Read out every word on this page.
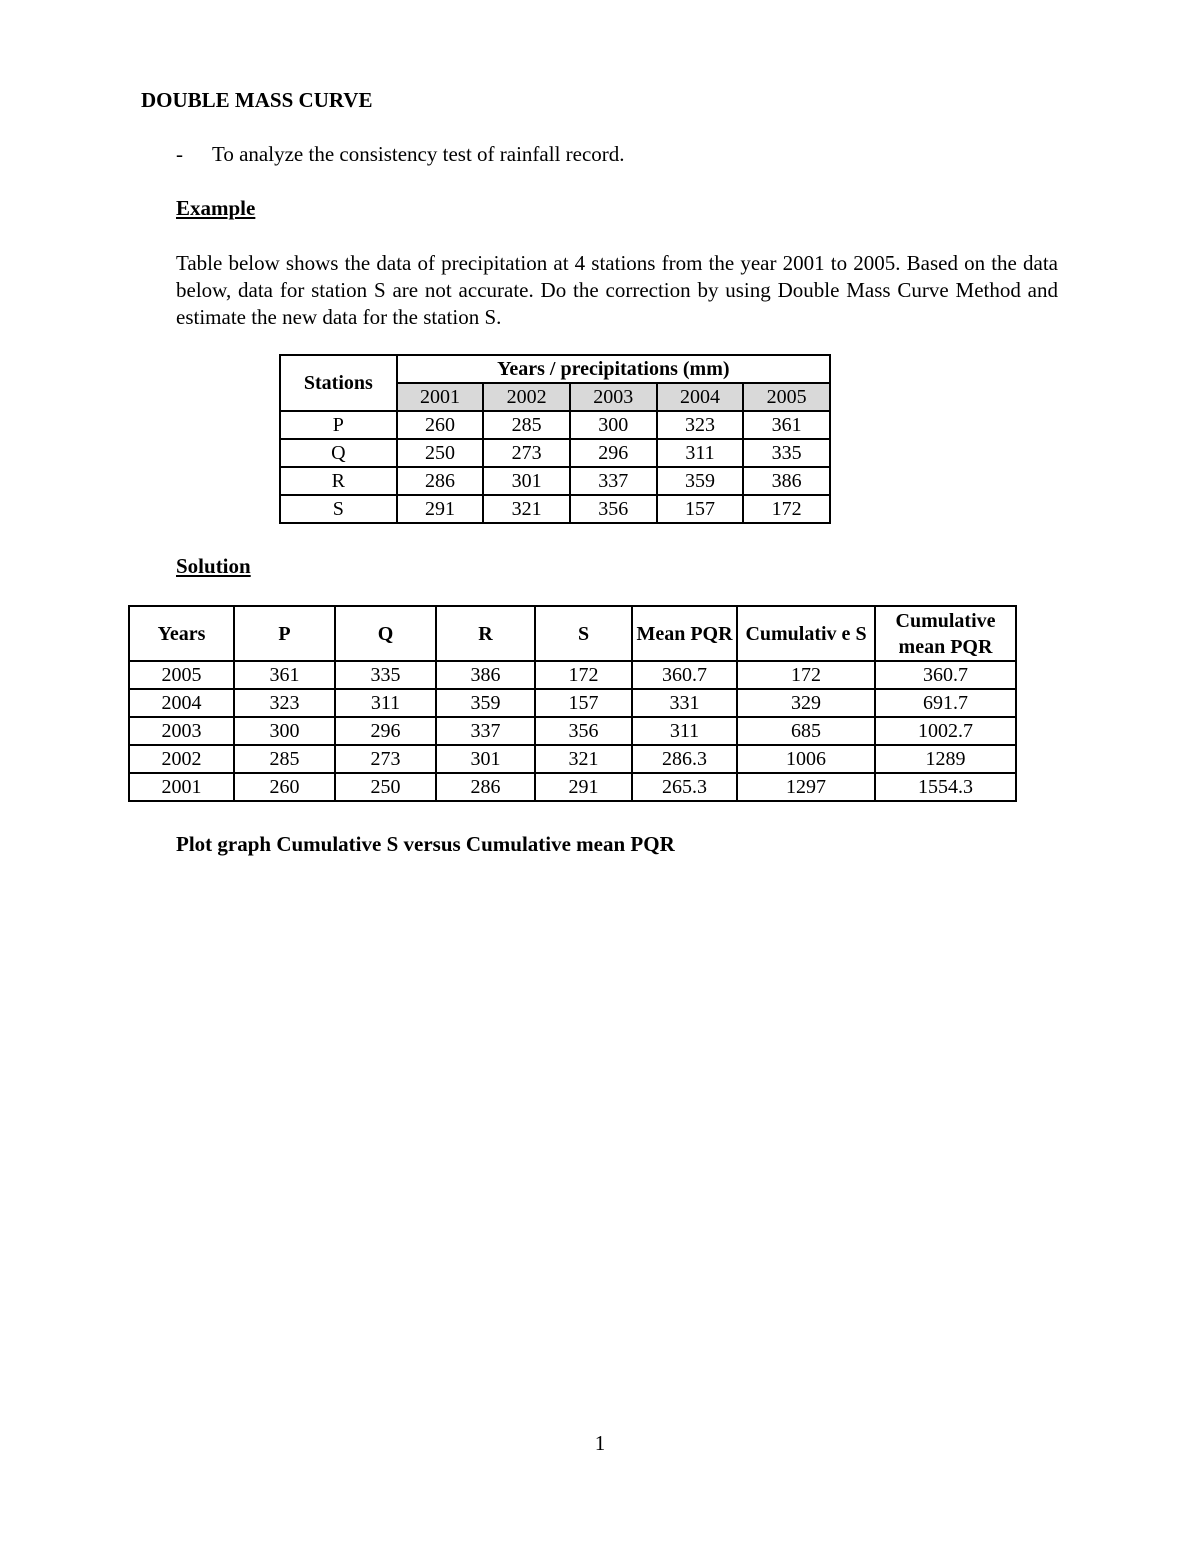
DOUBLE MASS CURVE
- To analyze the consistency test of rainfall record.
Example
Table below shows the data of precipitation at 4 stations from the year 2001 to 2005. Based on the data below, data for station S are not accurate. Do the correction by using Double Mass Curve Method and estimate the new data for the station S.
Stations	Years / precipitations (mm)				
	2001	2002	2003	2004	2005
P	260	285	300	323	361
Q	250	273	296	311	335
R	286	301	337	359	386
S	291	321	356	157	172
Solution
Years	P	Q	R	S	Mean PQR	Cumulativ e S	Cumulative mean PQR
2005	361	335	386	172	360.7	172	360.7
2004	323	311	359	157	331	329	691.7
2003	300	296	337	356	311	685	1002.7
2002	285	273	301	321	286.3	1006	1289
2001	260	250	286	291	265.3	1297	1554.3
Plot graph Cumulative S versus Cumulative mean PQR
1
